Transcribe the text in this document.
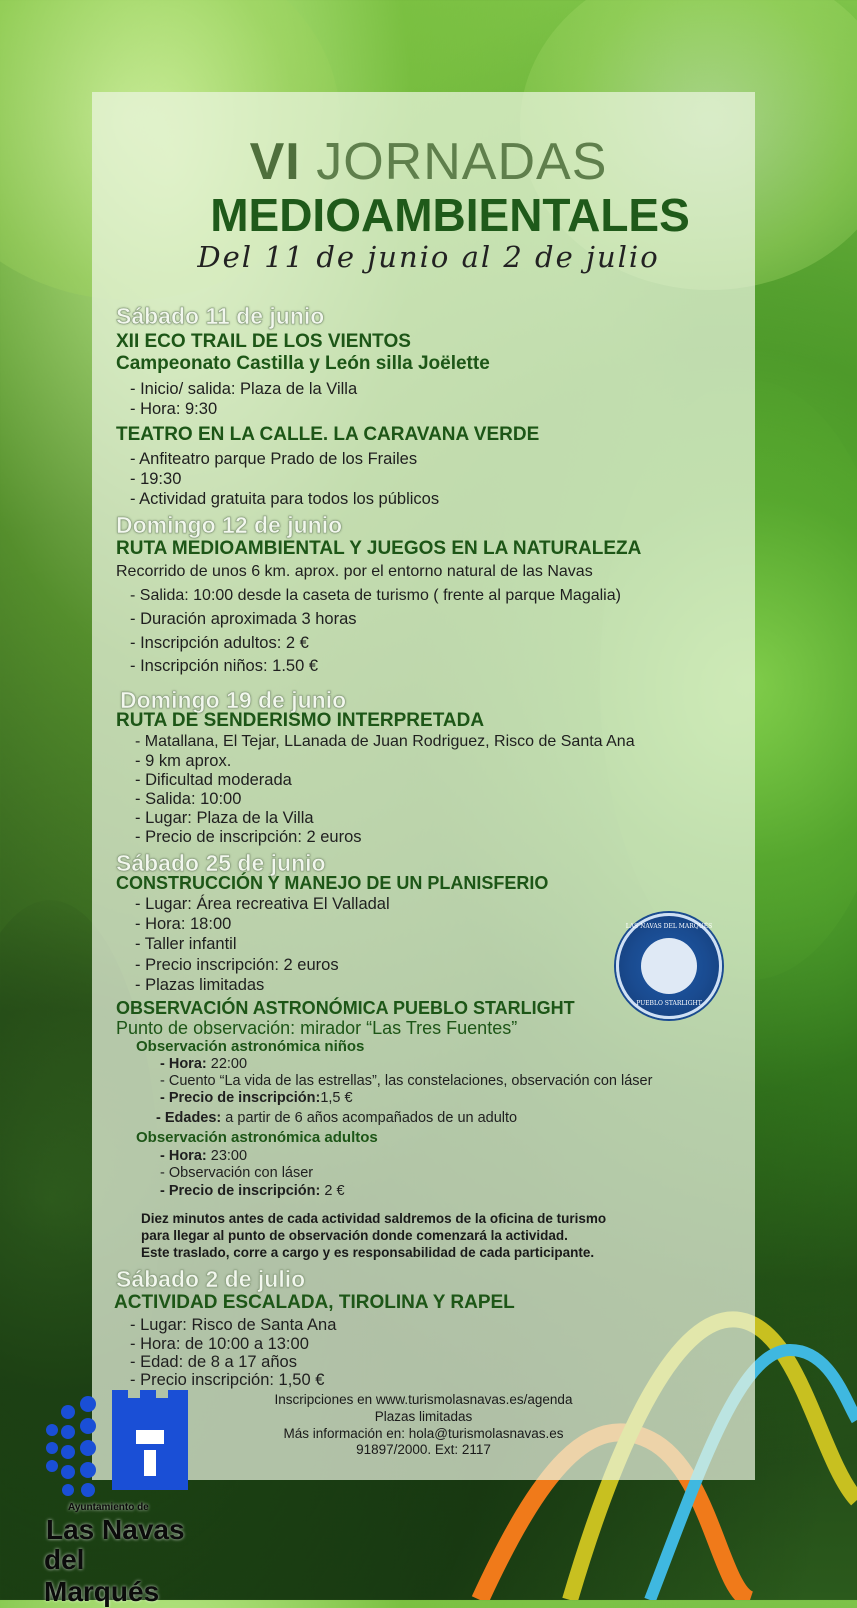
VI JORNADAS
MEDIOAMBIENTALES
Del 11 de junio al 2 de julio
Sábado 11 de junio
XII ECO TRAIL DE LOS VIENTOS
Campeonato Castilla y León silla Joëlette
- Inicio/ salida: Plaza de la Villa
- Hora: 9:30
TEATRO EN LA CALLE. LA CARAVANA VERDE
- Anfiteatro parque Prado de los Frailes
- 19:30
- Actividad gratuita para todos los públicos
Domingo 12 de junio
RUTA MEDIOAMBIENTAL Y JUEGOS EN LA NATURALEZA
Recorrido de unos 6 km. aprox. por el entorno natural de las Navas
- Salida: 10:00 desde la caseta de turismo ( frente al parque Magalia)
- Duración aproximada 3 horas
- Inscripción adultos: 2 €
- Inscripción niños: 1.50 €
Domingo 19 de junio
RUTA DE SENDERISMO INTERPRETADA
- Matallana, El Tejar, LLanada de Juan Rodriguez, Risco de Santa Ana
- 9 km aprox.
- Dificultad moderada
- Salida: 10:00
- Lugar: Plaza de la Villa
- Precio de inscripción: 2 euros
Sábado 25 de junio
CONSTRUCCIÓN Y MANEJO DE UN PLANISFERIO
- Lugar: Área recreativa El Valladal
- Hora: 18:00
- Taller infantil
- Precio inscripción: 2 euros
- Plazas limitadas
LAS NAVAS DEL MARQUÉS
PUEBLO STARLIGHT
OBSERVACIÓN ASTRONÓMICA PUEBLO STARLIGHT
Punto de observación: mirador “Las Tres Fuentes”
Observación astronómica niños
- Hora: 22:00
- Cuento “La vida de las estrellas”, las constelaciones, observación con láser
- Precio de inscripción:1,5 €
- Edades: a partir de 6 años acompañados de un adulto
Observación astronómica adultos
- Hora: 23:00
- Observación con láser
- Precio de inscripción: 2 €
Diez minutos antes de cada actividad saldremos de la oficina de turismo
para llegar al punto de observación donde comenzará la actividad.
Este traslado, corre a cargo y es responsabilidad de cada participante.
Sábado 2 de julio
ACTIVIDAD ESCALADA, TIROLINA Y RAPEL
- Lugar: Risco de Santa Ana
- Hora: de 10:00 a 13:00
- Edad: de 8 a 17 años
- Precio inscripción: 1,50 €
Inscripciones en www.turismolasnavas.es/agenda
Plazas limitadas
Más información en: hola@turismolasnavas.es
91897/2000. Ext: 2117
Ayuntamiento de
Las Navas
del Marqués
